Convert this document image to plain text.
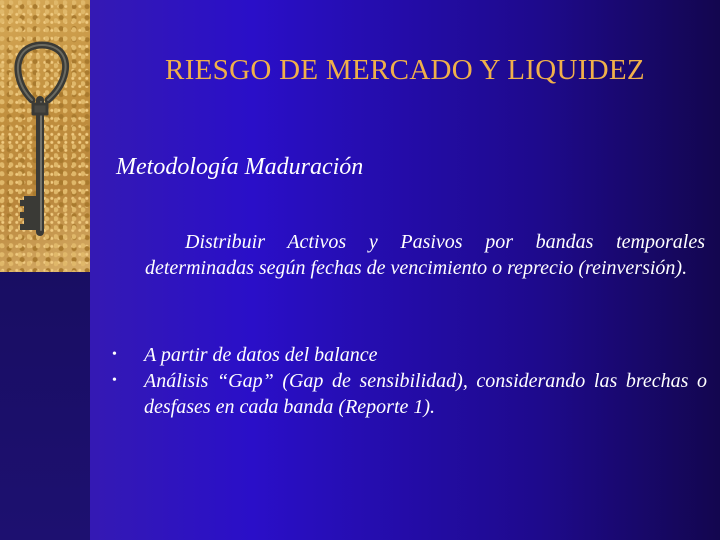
RIESGO DE MERCADO Y LIQUIDEZ
Metodología Maduración

Distribuir Activos y Pasivos por bandas temporales determinadas según fechas de vencimiento o reprecio (reinversión).

• A partir de datos del balance
• Análisis “Gap” (Gap de sensibilidad), considerando las brechas o desfases en cada banda (Reporte 1).
